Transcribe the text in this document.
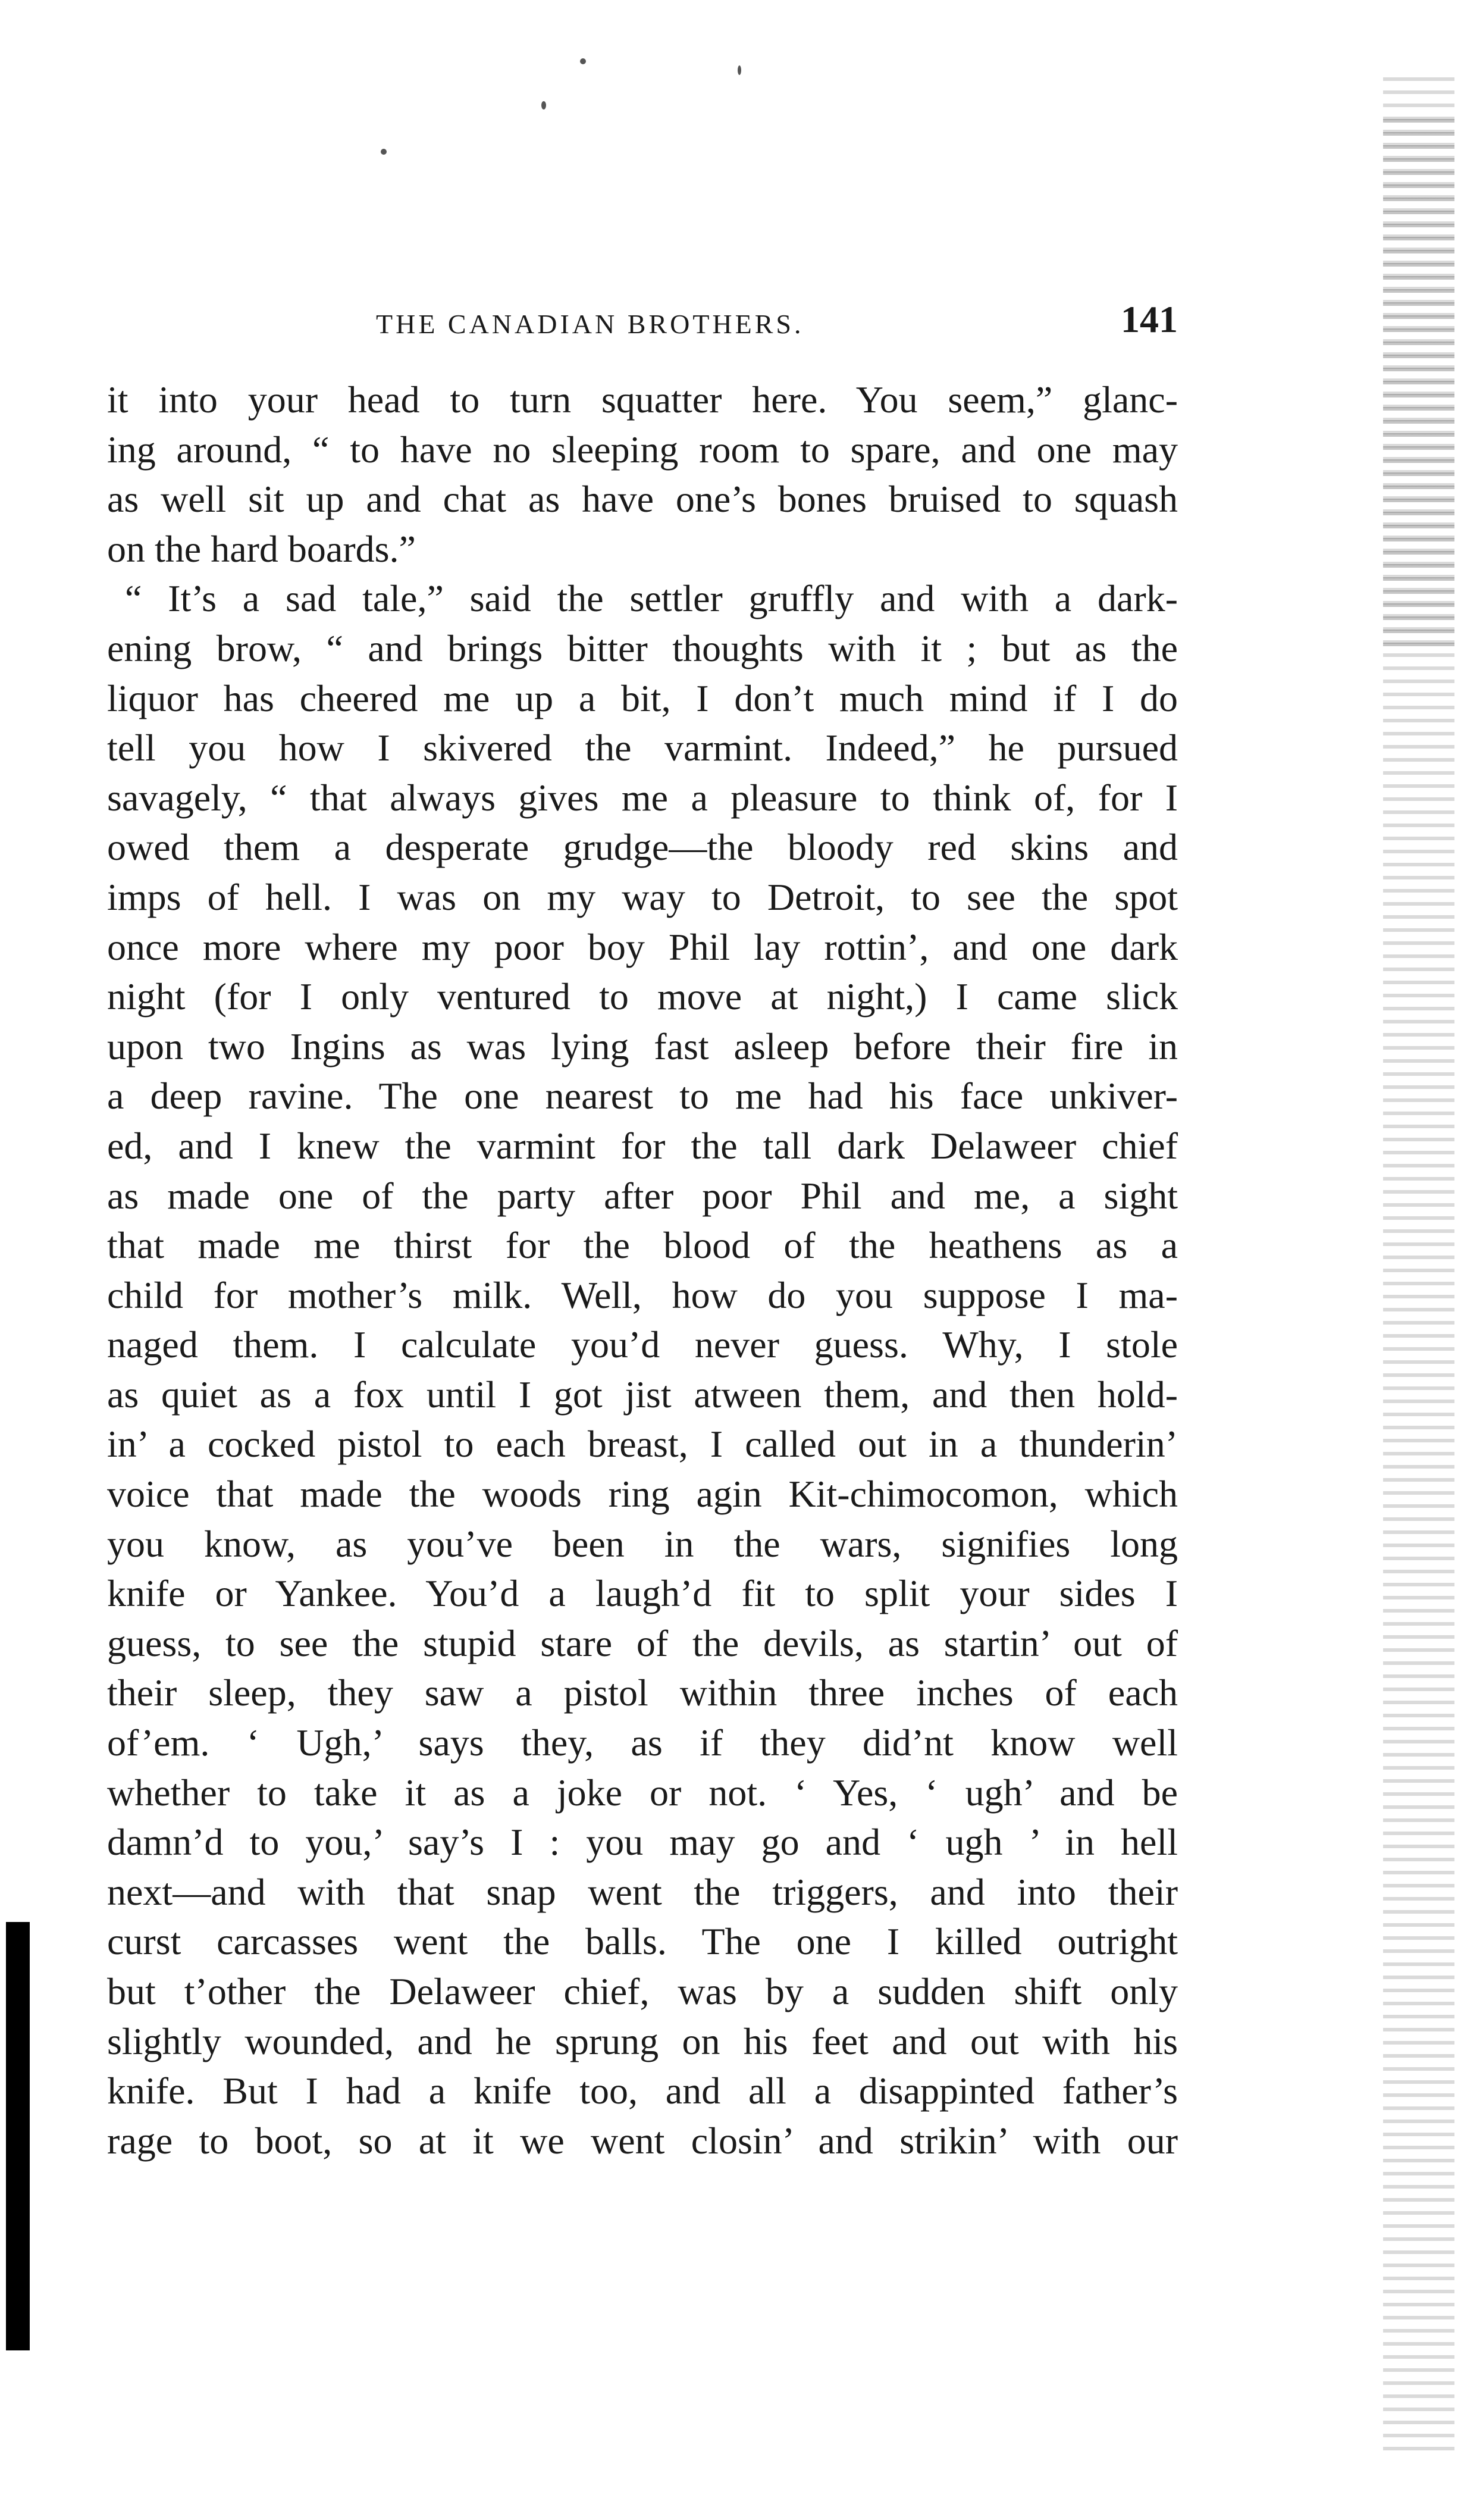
THE CANADIAN BROTHERS.	141
it into your head to turn squatter here. You seem,” glanc-
ing around, “ to have no sleeping room to spare, and one may
as well sit up and chat as have one’s bones bruised to squash
on the hard boards.”
“ It’s a sad tale,” said the settler gruffly and with a dark-
ening brow, “ and brings bitter thoughts with it ; but as the
liquor has cheered me up a bit, I don’t much mind if I do
tell you how I skivered the varmint. Indeed,” he pursued
savagely, “ that always gives me a pleasure to think of, for I
owed them a desperate grudge—the bloody red skins and
imps of hell. I was on my way to Detroit, to see the spot
once more where my poor boy Phil lay rottin’, and one dark
night (for I only ventured to move at night,) I came slick
upon two Ingins as was lying fast asleep before their fire in
a deep ravine. The one nearest to me had his face unkiver-
ed, and I knew the varmint for the tall dark Delaweer chief
as made one of the party after poor Phil and me, a sight
that made me thirst for the blood of the heathens as a
child for mother’s milk. Well, how do you suppose I ma-
naged them. I calculate you’d never guess. Why, I stole
as quiet as a fox until I got jist atween them, and then hold-
in’ a cocked pistol to each breast, I called out in a thunderin’
voice that made the woods ring agin Kit-chimocomon, which
you know, as you’ve been in the wars, signifies long
knife or Yankee. You’d a laugh’d fit to split your sides I
guess, to see the stupid stare of the devils, as startin’ out of
their sleep, they saw a pistol within three inches of each
of’em. ‘ Ugh,’ says they, as if they did’nt know well
whether to take it as a joke or not. ‘ Yes, ‘ ugh’ and be
damn’d to you,’ say’s I : you may go and ‘ ugh ’ in hell
next—and with that snap went the triggers, and into their
curst carcasses went the balls. The one I killed outright
but t’other the Delaweer chief, was by a sudden shift only
slightly wounded, and he sprung on his feet and out with his
knife. But I had a knife too, and all a disappinted father’s
rage to boot, so at it we went closin’ and strikin’ with our
